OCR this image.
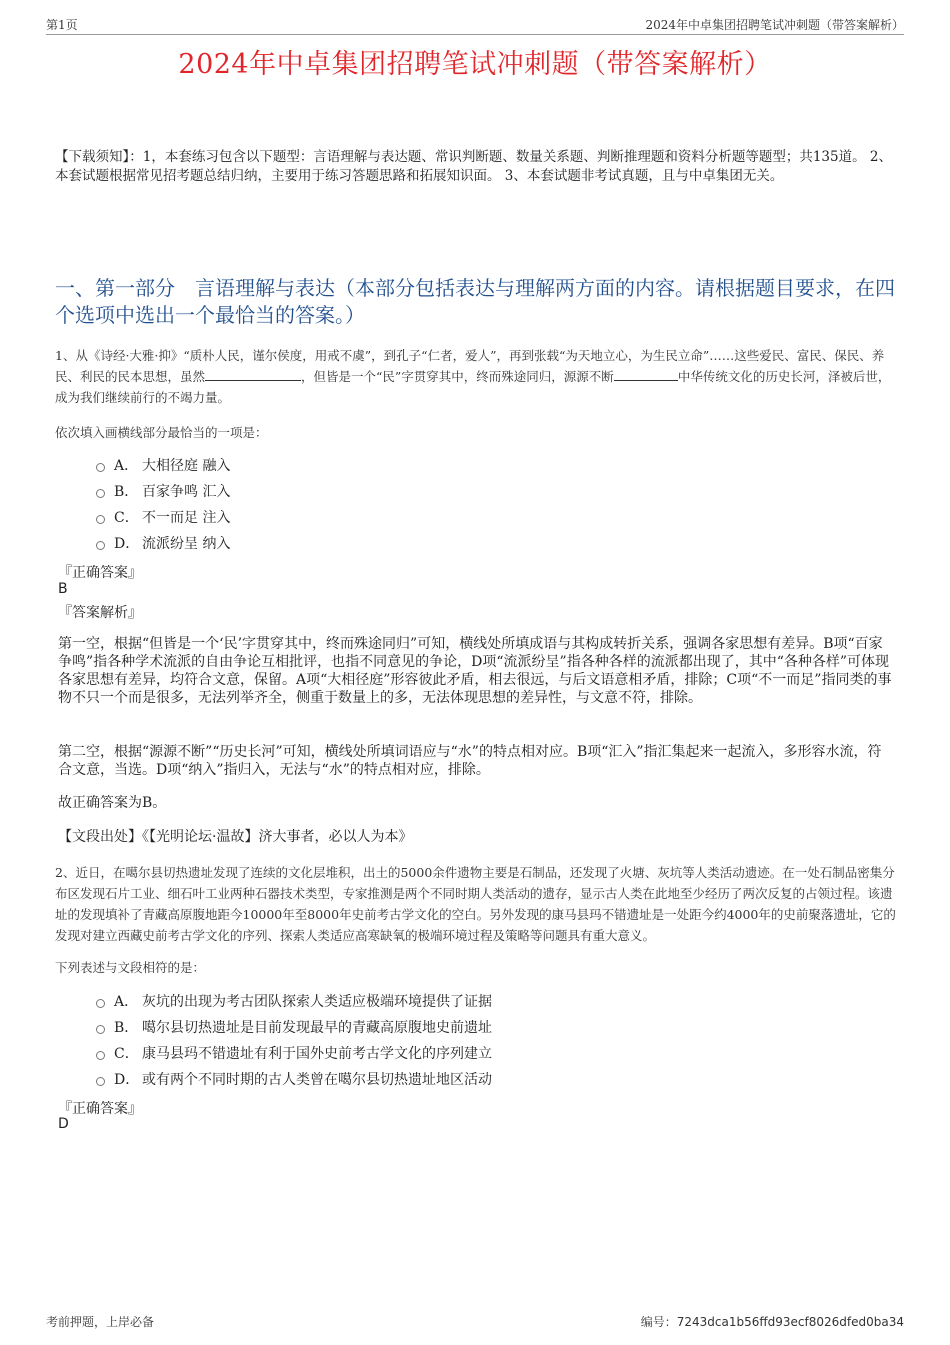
第1页	2024年中卓集团招聘笔试冲刺题（带答案解析）
2024年中卓集团招聘笔试冲刺题（带答案解析）
【下载须知】：1，本套练习包含以下题型：言语理解与表达题、常识判断题、数量关系题、判断推理题和资料分析题等题型；共135道。 2、本套试题根据常见招考题总结归纳，主要用于练习答题思路和拓展知识面。 3、本套试题非考试真题，且与中卓集团无关。
一、第一部分　言语理解与表达（本部分包括表达与理解两方面的内容。请根据题目要求，在四个选项中选出一个最恰当的答案。）
1、从《诗经·大雅·抑》“质朴人民，谨尔侯度，用戒不虞”，到孔子“仁者，爱人”，再到张载“为天地立心，为生民立命”……这些爱民、富民、保民、养民、利民的民本思想，虽然	，但皆是一个“民”字贯穿其中，终而殊途同归，源源不断	中华传统文化的历史长河，泽被后世，成为我们继续前行的不竭力量。
依次填入画横线部分最恰当的一项是：
A． 大相径庭 融入
B． 百家争鸣 汇入
C． 不一而足 注入
D． 流派纷呈 纳入
『正确答案』
B
『答案解析』
第一空，根据“但皆是一个‘民’字贯穿其中，终而殊途同归”可知，横线处所填成语与其构成转折关系，强调各家思想有差异。B项“百家争鸣”指各种学术流派的自由争论互相批评，也指不同意见的争论，D项“流派纷呈”指各种各样的流派都出现了，其中“各种各样”可体现各家思想有差异，均符合文意，保留。A项“大相径庭”形容彼此矛盾，相去很远，与后文语意相矛盾，排除；C项“不一而足”指同类的事物不只一个而是很多，无法列举齐全，侧重于数量上的多，无法体现思想的差异性，与文意不符，排除。
第二空，根据“源源不断”“历史长河”可知，横线处所填词语应与“水”的特点相对应。B项“汇入”指汇集起来一起流入，多形容水流，符合文意，当选。D项“纳入”指归入，无法与“水”的特点相对应，排除。
故正确答案为B。
【文段出处】《【光明论坛·温故】济大事者，必以人为本》
2、近日，在噶尔县切热遗址发现了连续的文化层堆积，出土的5000余件遗物主要是石制品，还发现了火塘、灰坑等人类活动遗迹。在一处石制品密集分布区发现石片工业、细石叶工业两种石器技术类型，专家推测是两个不同时期人类活动的遗存，显示古人类在此地至少经历了两次反复的占领过程。该遗址的发现填补了青藏高原腹地距今10000年至8000年史前考古学文化的空白。另外发现的康马县玛不错遗址是一处距今约4000年的史前聚落遗址，它的发现对建立西藏史前考古学文化的序列、探索人类适应高寒缺氧的极端环境过程及策略等问题具有重大意义。
下列表述与文段相符的是：
A． 灰坑的出现为考古团队探索人类适应极端环境提供了证据
B． 噶尔县切热遗址是目前发现最早的青藏高原腹地史前遗址
C． 康马县玛不错遗址有利于国外史前考古学文化的序列建立
D． 或有两个不同时期的古人类曾在噶尔县切热遗址地区活动
『正确答案』
D
考前押题，上岸必备	编号：7243dca1b56ffd93ecf8026dfed0ba34
